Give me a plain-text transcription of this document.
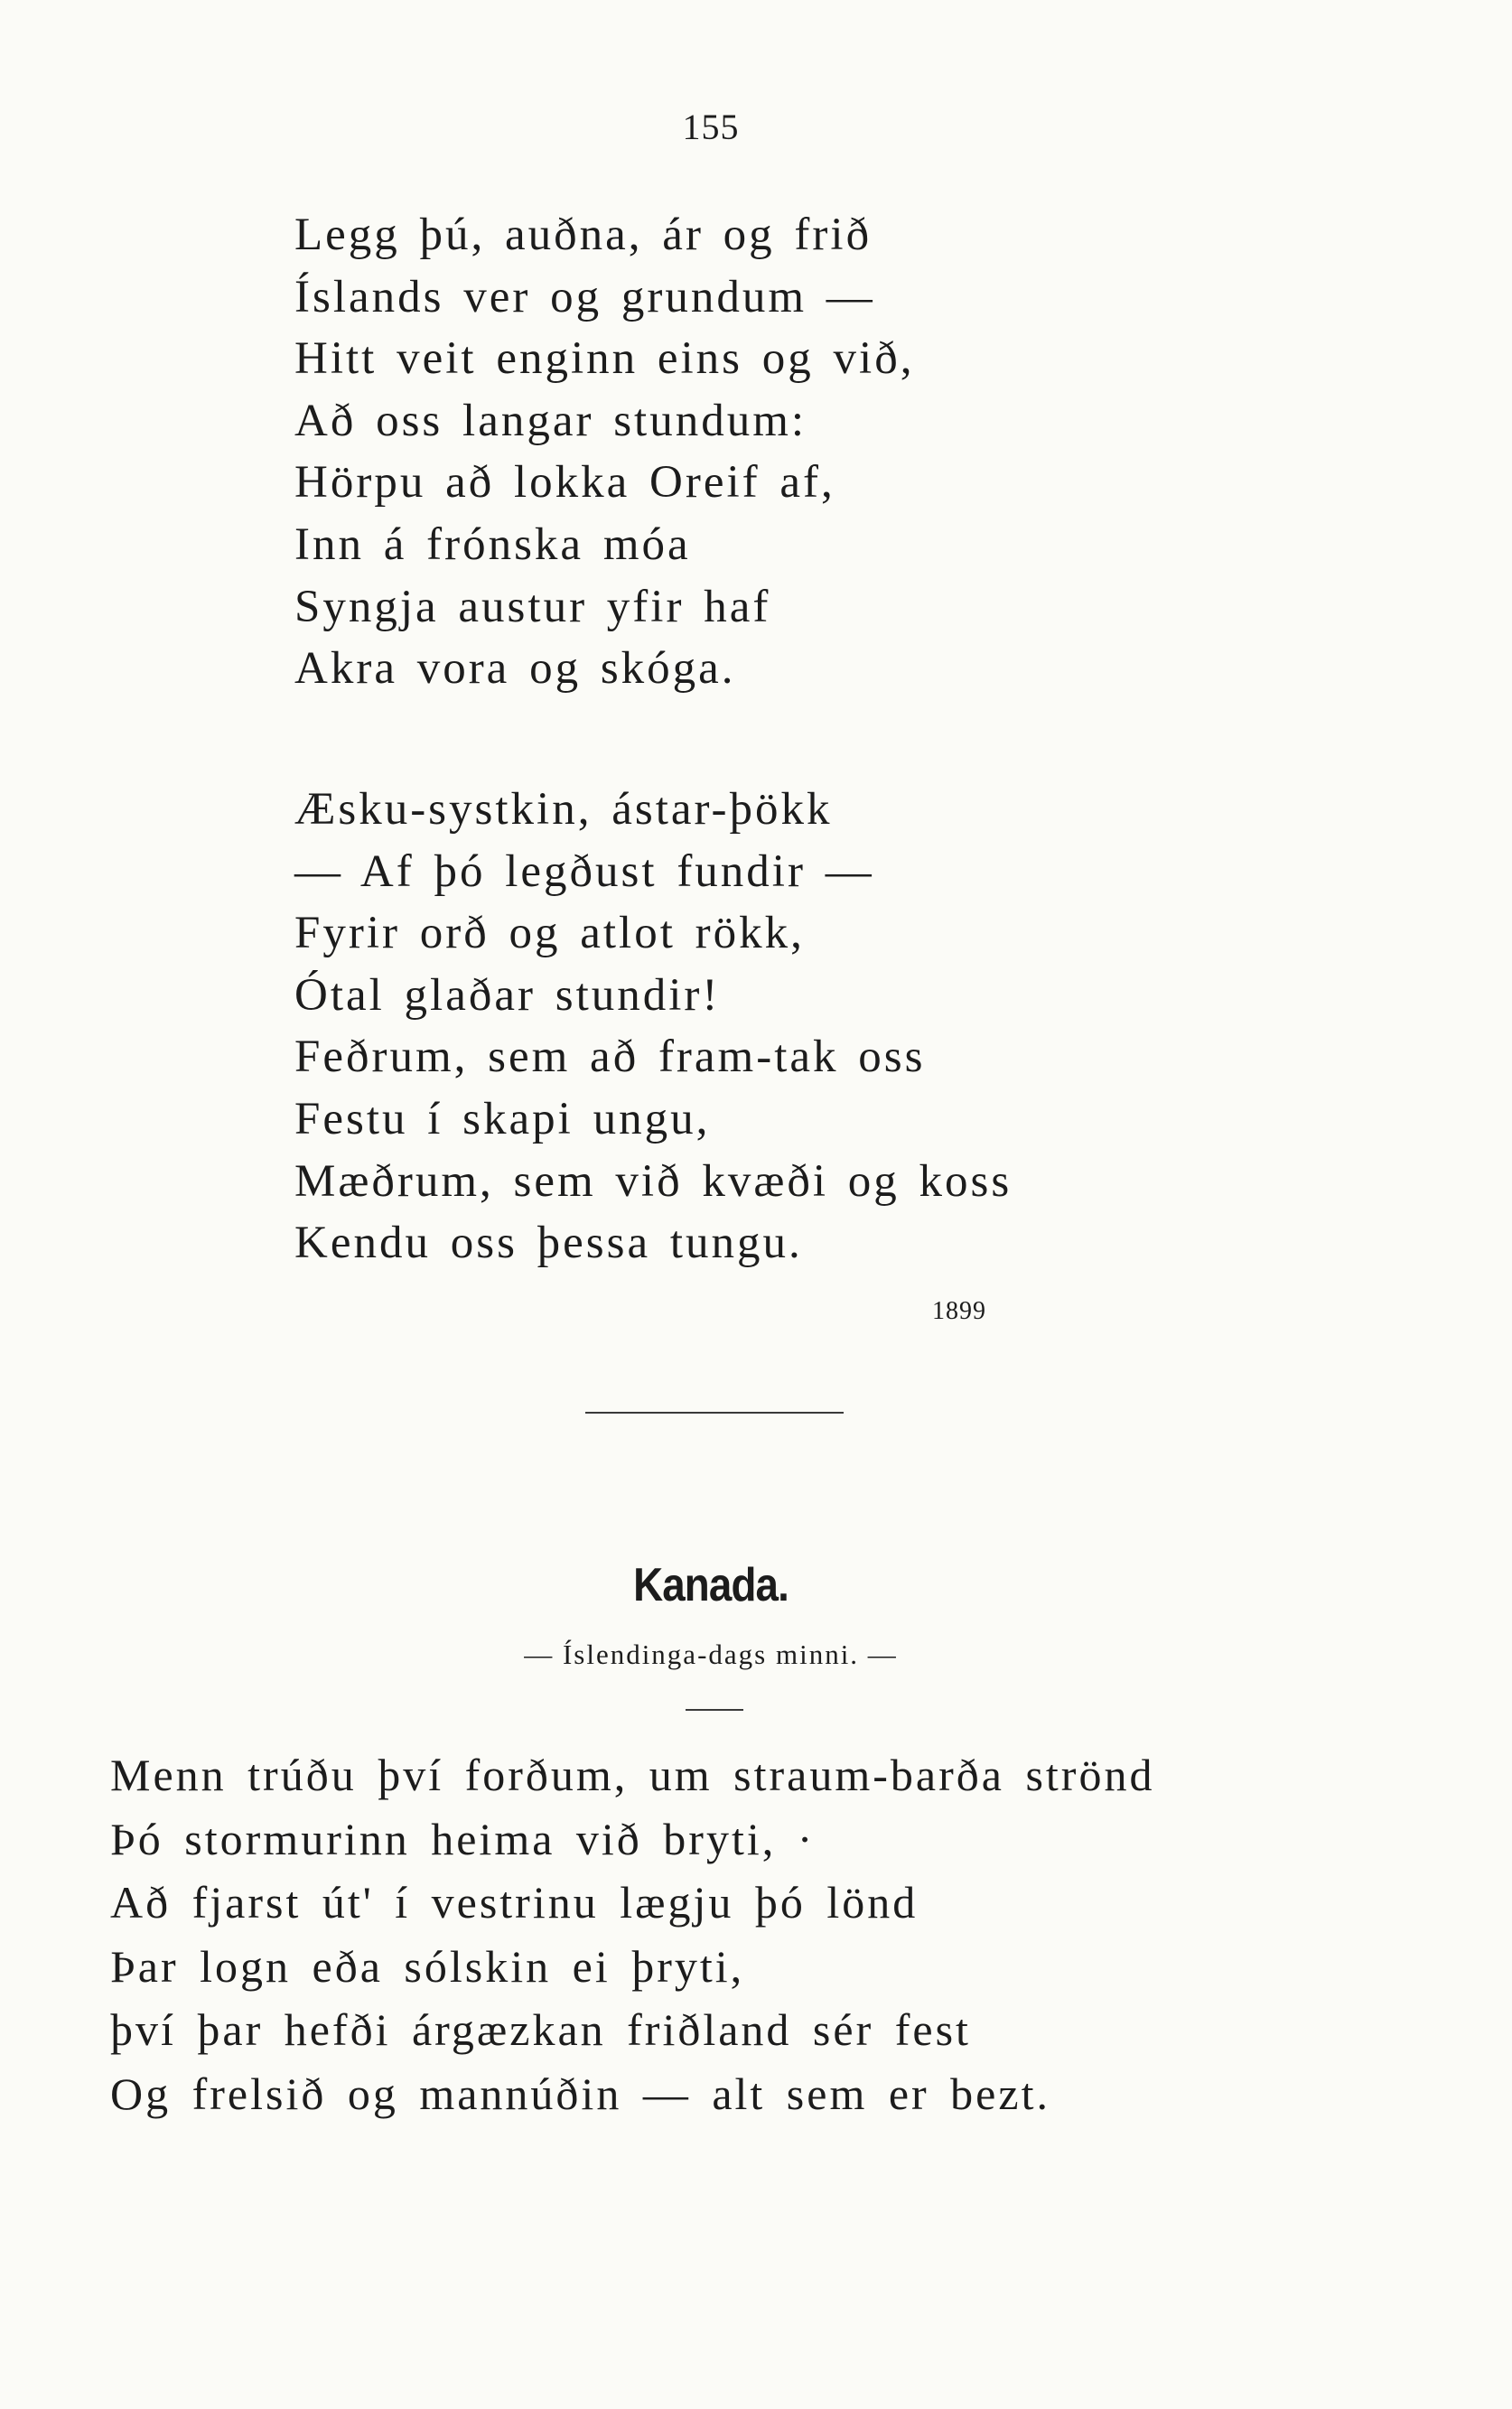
155
Legg þú, auðna, ár og frið
Íslands ver og grundum —
Hitt veit enginn eins og við,
Að oss langar stundum:
Hörpu að lokka Oreif af,
Inn á frónska móa
Syngja austur yfir haf
Akra vora og skóga.
Æsku-systkin, ástar-þökk
— Af þó legðust fundir —
Fyrir orð og atlot rökk,
Ótal glaðar stundir!
Feðrum, sem að fram-tak oss
Festu í skapi ungu,
Mæðrum, sem við kvæði og koss
Kendu oss þessa tungu.
1899
Kanada.
— Íslendinga-dags minni. —
Menn trúðu því forðum, um straum-barða strönd
Þó stormurinn heima við bryti, ·
Að fjarst út' í vestrinu lægju þó lönd
Þar logn eða sólskin ei þryti,
því þar hefði árgæzkan friðland sér fest
Og frelsið og mannúðin — alt sem er bezt.
